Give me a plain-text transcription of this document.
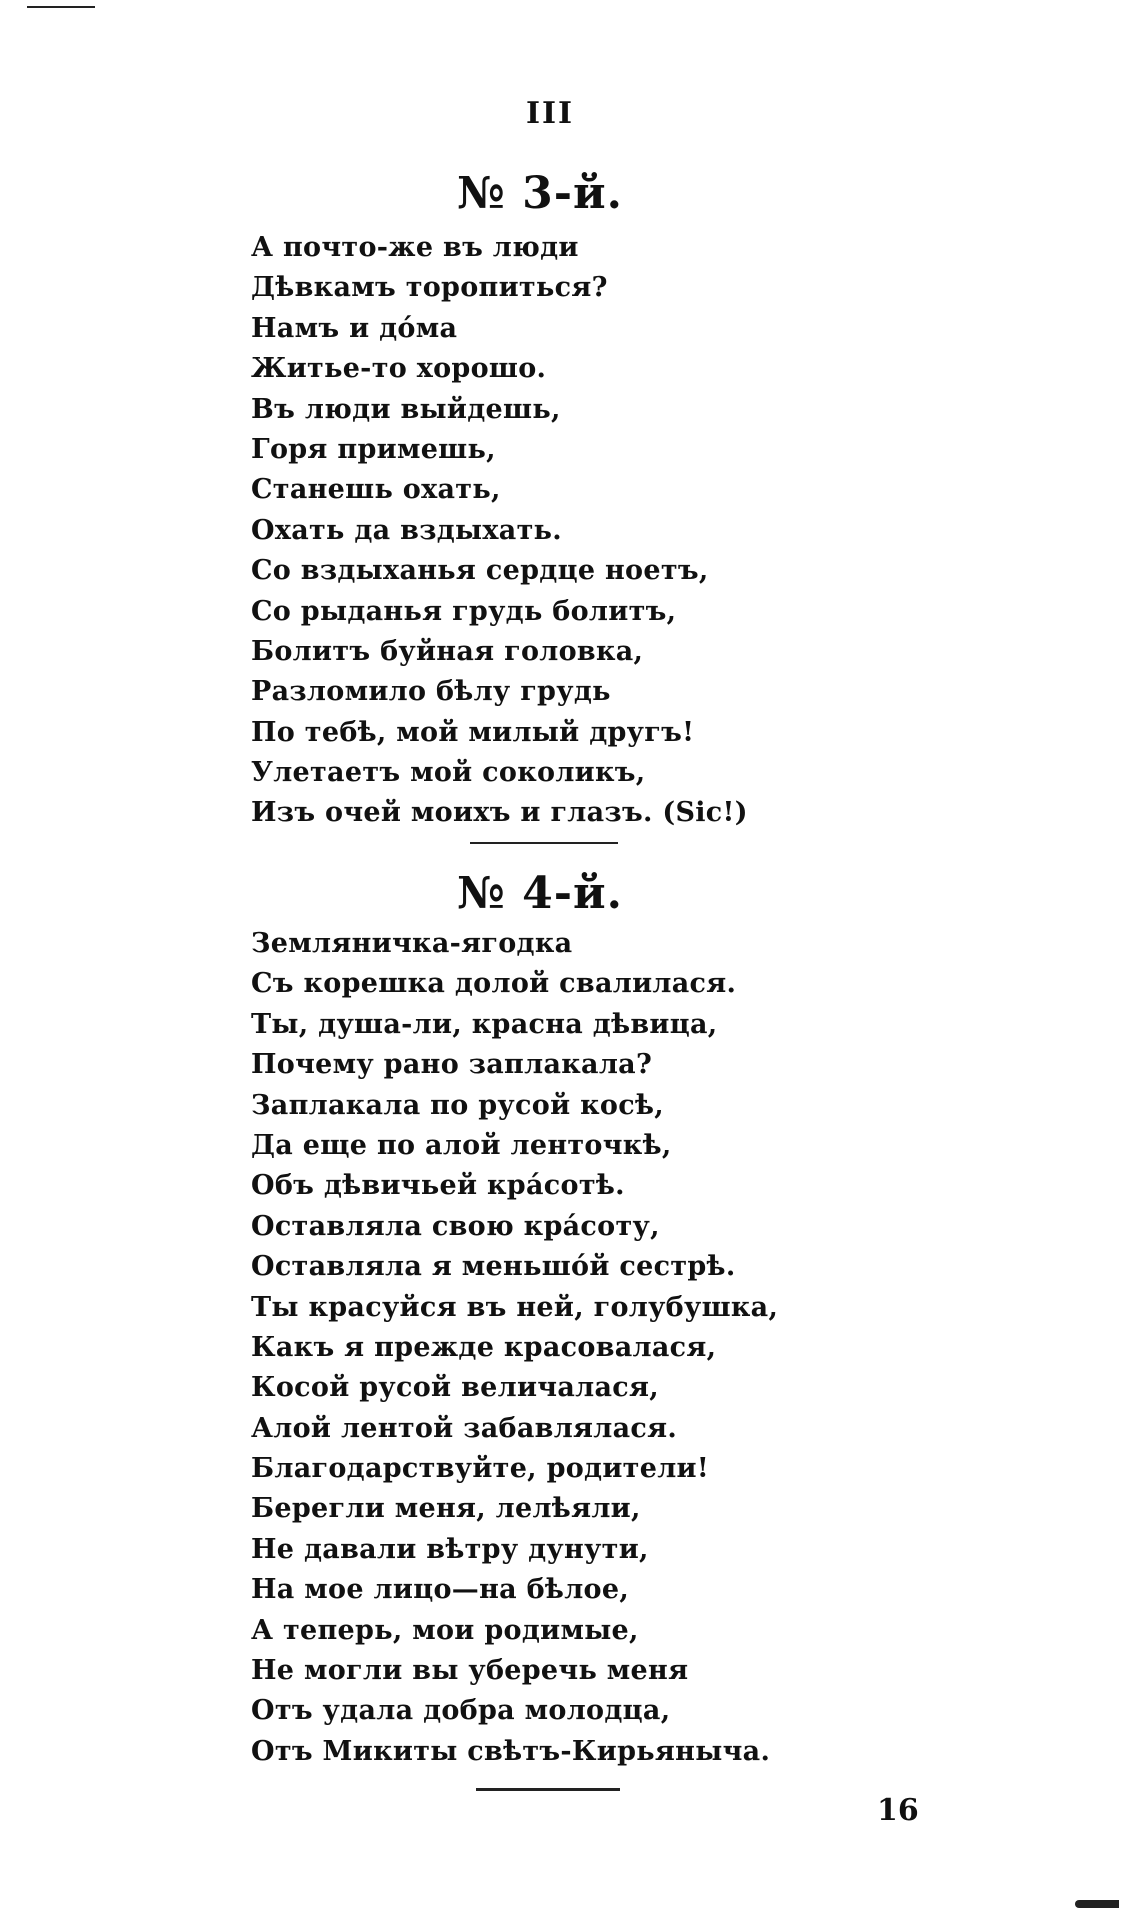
III
№ 3-й.
А почто-же въ люди
Дѣвкамъ торопиться?
Намъ и дóма
Житье-то хорошо.
Въ люди выйдешь,
Горя примешь,
Станешь охать,
Охать да вздыхать.
Со вздыханья сердце ноетъ,
Со рыданья грудь болитъ,
Болитъ буйная головка,
Разломило бѣлу грудь
По тебѣ, мой милый другъ!
Улетаетъ мой соколикъ,
Изъ очей моихъ и глазъ. (Sic!)
№ 4-й.
Земляничка-ягодка
Съ корешка долой свалилася.
Ты, душа-ли, красна дѣвица,
Почему рано заплакала?
Заплакала по русой косѣ,
Да еще по алой ленточкѣ,
Объ дѣвичьей крáсотѣ.
Оставляла свою крáсоту,
Оставляла я меньшóй сестрѣ.
Ты красуйся въ ней, голубушка,
Какъ я прежде красовалася,
Косой русой величалася,
Алой лентой забавлялася.
Благодарствуйте, родители!
Берегли меня, лелѣяли,
Не давали вѣтру дунути,
На мое лицо—на бѣлое,
А теперь, мои родимые,
Не могли вы уберечь меня
Отъ удала добра молодца,
Отъ Микиты свѣтъ-Кирьяныча.
16
